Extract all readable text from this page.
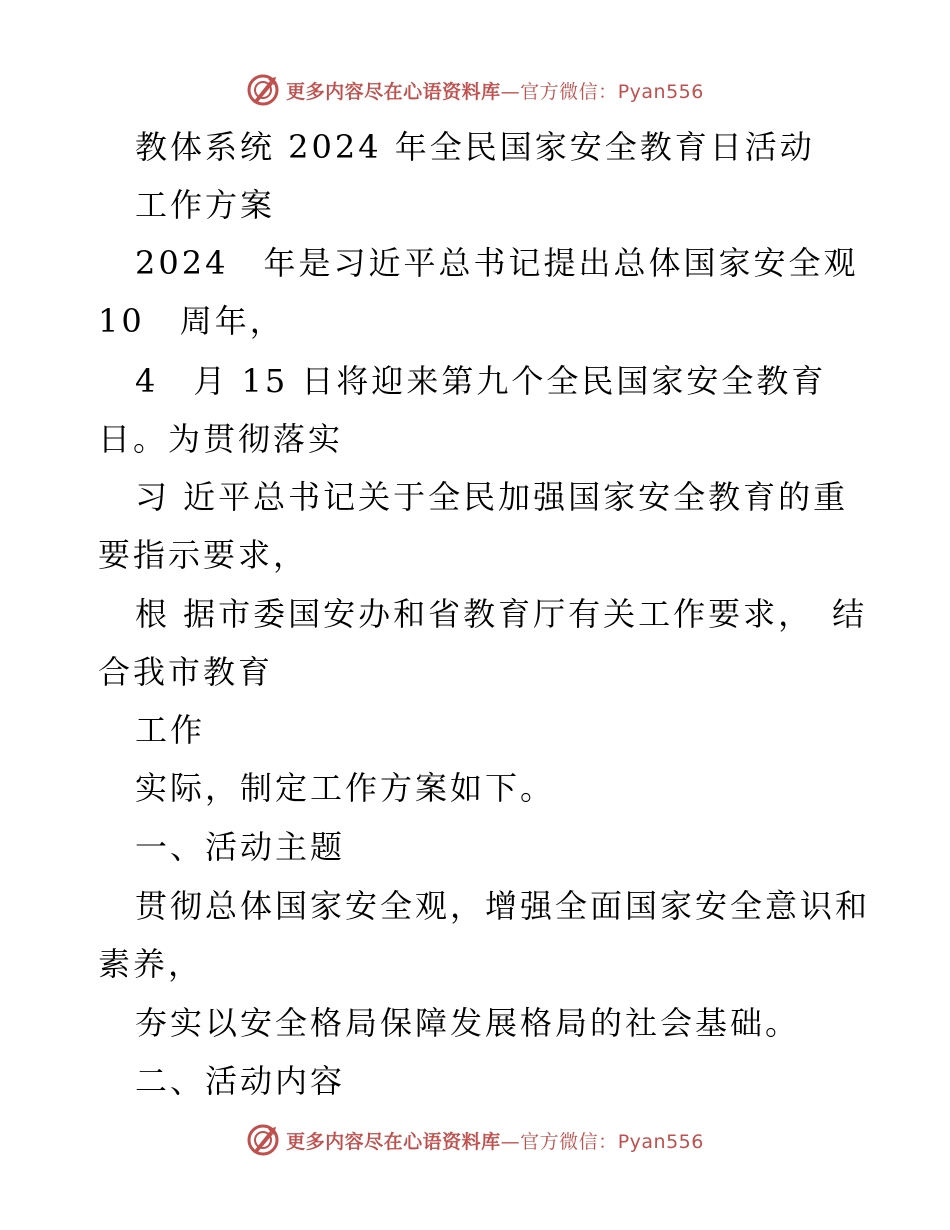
更多内容尽在心语资料库—官方微信：Pyan556
教体系统 2024 年全民国家安全教育日活动
工作方案
2024　年是习近平总书记提出总体国家安全观
10　周年，
4　月 15 日将迎来第九个全民国家安全教育
日。为贯彻落实
习 近平总书记关于全民加强国家安全教育的重
要指示要求，
根 据市委国安办和省教育厅有关工作要求，　结
合我市教育
工作
实际，制定工作方案如下。
一、活动主题
贯彻总体国家安全观，增强全面国家安全意识和
素养，
夯实以安全格局保障发展格局的社会基础。
二、活动内容
更多内容尽在心语资料库—官方微信：Pyan556
